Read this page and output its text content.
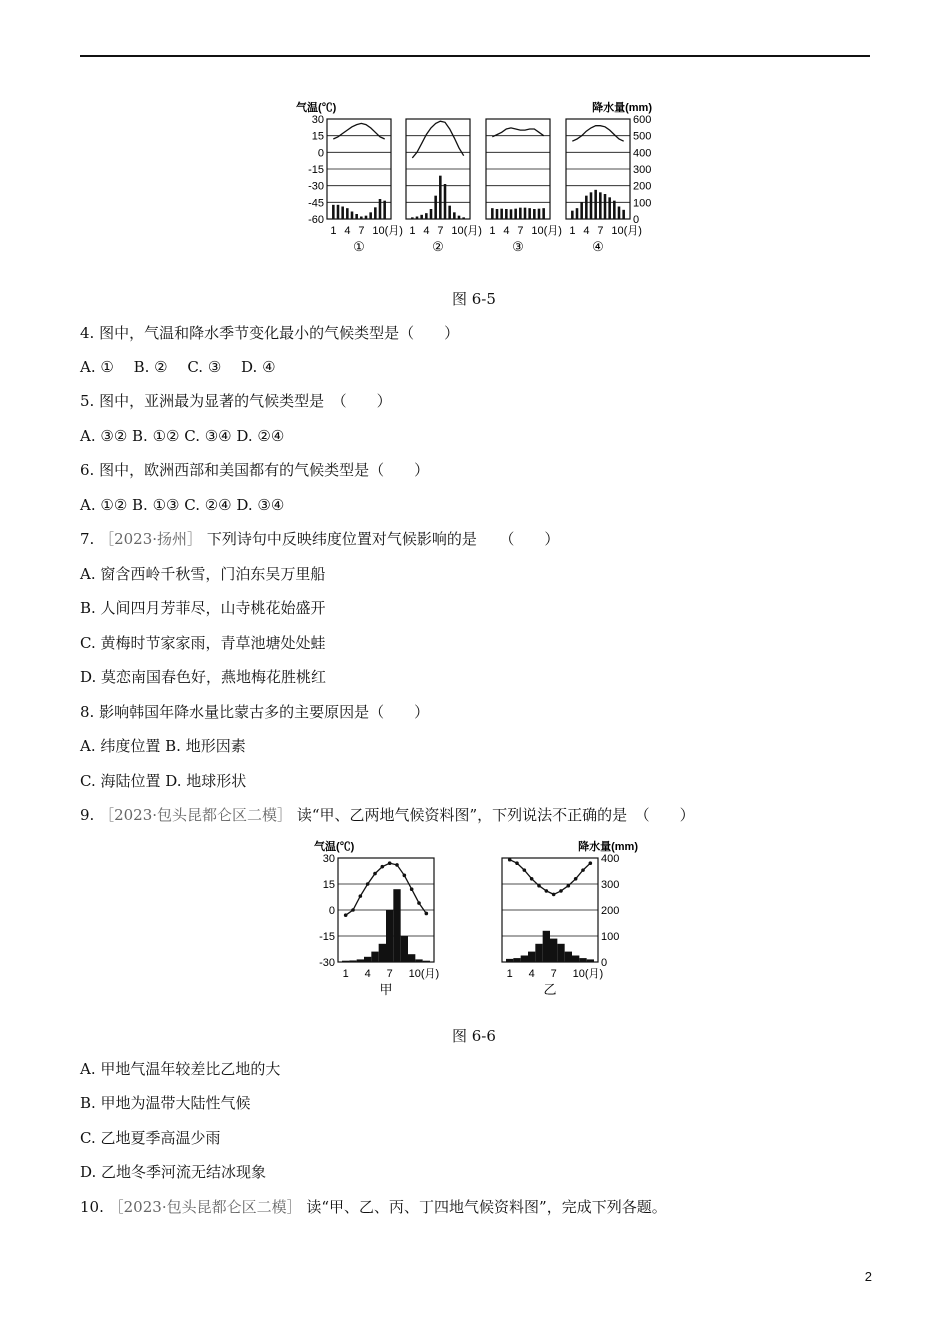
气温(℃)	降水量(mm)
30
15
0
-15
-30
-45
-60
600
500
400
300
200
100
0
1 4 7 10(月)
①
1 4 7 10(月)
②
1 4 7 10(月)
③
1 4 7 10(月)
④
图 6-5
4. 图中，气温和降水季节变化最小的气候类型是（　　）
A. ①　 B. ②　 C. ③　 D. ④
5. 图中，亚洲最为显著的气候类型是　（　　）
A. ③② B. ①② C. ③④ D. ②④
6. 图中，欧洲西部和美国都有的气候类型是（　　）
A. ①② B. ①③ C. ②④ D. ③④
7. ［2023·扬州］ 下列诗句中反映纬度位置对气候影响的是　　（　　）
A. 窗含西岭千秋雪，门泊东吴万里船
B. 人间四月芳菲尽，山寺桃花始盛开
C. 黄梅时节家家雨，青草池塘处处蛙
D. 莫恋南国春色好，燕地梅花胜桃红
8. 影响韩国年降水量比蒙古多的主要原因是（　　）
A. 纬度位置 B. 地形因素
C. 海陆位置 D. 地球形状
9. ［2023·包头昆都仑区二模］ 读“甲、乙两地气候资料图”，下列说法不正确的是　（　　）
气温(℃)	降水量(mm)
30
15
0
-15
-30
400
300
200
100
0
1 4 7 10(月)
甲
1 4 7 10(月)
乙
图 6-6
A. 甲地气温年较差比乙地的大
B. 甲地为温带大陆性气候
C. 乙地夏季高温少雨
D. 乙地冬季河流无结冰现象
10. ［2023·包头昆都仑区二模］ 读“甲、乙、丙、丁四地气候资料图”，完成下列各题。
2
